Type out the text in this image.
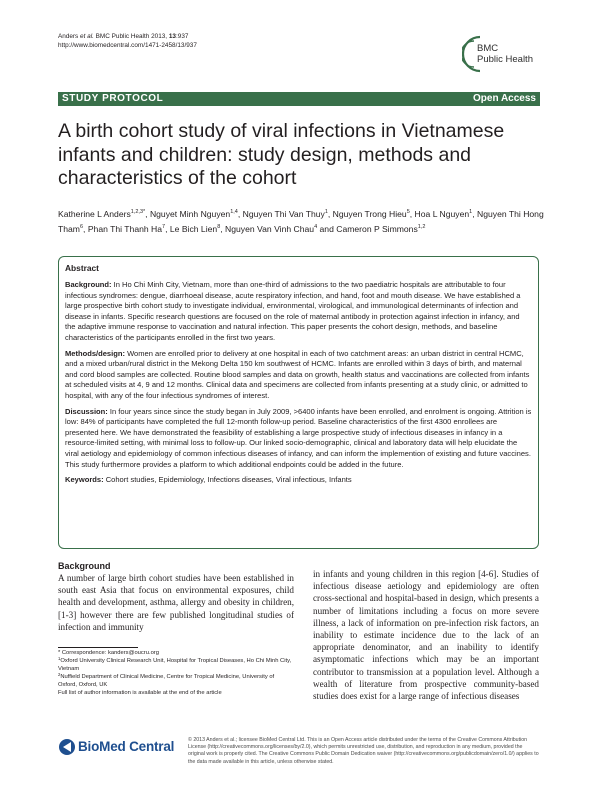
Anders et al. BMC Public Health 2013, 13:937
http://www.biomedcentral.com/1471-2458/13/937	BMC
Public Health
STUDY PROTOCOL	Open Access
A birth cohort study of viral infections in Vietnamese infants and children: study design, methods and characteristics of the cohort
Katherine L Anders$^{1,2,3*}$, Nguyet Minh Nguyen$^{1,4}$, Nguyen Thi Van Thuy$^1$, Nguyen Trong Hieu$^5$, Hoa L Nguyen$^1$, Nguyen Thi Hong Tham$^6$, Phan Thi Thanh Ha$^7$, Le Bich Lien$^8$, Nguyen Van Vinh Chau$^4$ and Cameron P Simmons$^{1,2}$
Abstract

Background: In Ho Chi Minh City, Vietnam, more than one-third of admissions to the two paediatric hospitals are attributable to four infectious syndromes: dengue, diarrhoeal disease, acute respiratory infection, and hand, foot and mouth disease. We have established a large prospective birth cohort study to investigate individual, environmental, virological, and immunological determinants of infection and disease in infants. Specific research questions are focused on the role of maternal antibody in protection against infection in infancy, and the adaptive immune response to vaccination and natural infection. This paper presents the cohort design, methods, and baseline characteristics of the participants enrolled in the first two years.

Methods/design: Women are enrolled prior to delivery at one hospital in each of two catchment areas: an urban district in central HCMC, and a mixed urban/rural district in the Mekong Delta 150 km southwest of HCMC. Infants are enrolled within 3 days of birth, and maternal and cord blood samples are collected. Routine blood samples and data on growth, health status and vaccinations are collected from infants at scheduled visits at 4, 9 and 12 months. Clinical data and specimens are collected from infants presenting at a study clinic, or admitted to hospital, with any of the four infectious syndromes of interest.

Discussion: In four years since since the study began in July 2009, >6400 infants have been enrolled, and enrolment is ongoing. Attrition is low: 84% of participants have completed the full 12-month follow-up period. Baseline characteristics of the first 4300 enrollees are presented here. We have demonstrated the feasibility of establishing a large prospective study of infectious diseases in infancy in a resource-limited setting, with minimal loss to follow-up. Our linked socio-demographic, clinical and laboratory data will help elucidate the viral aetiology and epidemiology of common infectious diseases of infancy, and can inform the implemention of existing and future vaccines. This study furthermore provides a platform to which additional endpoints could be added in the future.

Keywords: Cohort studies, Epidemiology, Infections diseases, Viral infectious, Infants

Background

A number of large birth cohort studies have been established in south east Asia that focus on environmental exposures, child health and development, asthma, allergy and obesity in children, [1-3] however there are few published longitudinal studies of infection and immunity

in infants and young children in this region [4-6]. Studies of infectious disease aetiology and epidemiology are often cross-sectional and hospital-based in design, which presents a number of limitations including a focus on more severe illness, a lack of information on pre-infection risk factors, an inability to estimate incidence due to the lack of an appropriate denominator, and an inability to identify asymptomatic infections which may be an important contributor to transmission at a population level. Although a wealth of literature from prospective community-based studies does exist for a large range of infectious diseases

* Correspondence: kanders@oucru.org
$^1$Oxford University Clinical Research Unit, Hospital for Tropical Diseases, Ho Chi Minh City, Vietnam
$^2$Nuffield Department of Clinical Medicine, Centre for Tropical Medicine, University of Oxford, Oxford, UK
Full list of author information is available at the end of the article
BioMed Central	© 2013 Anders et al.; licensee BioMed Central Ltd. This is an Open Access article distributed under the terms of the Creative Commons Attribution License (http://creativecommons.org/licenses/by/2.0), which permits unrestricted use, distribution, and reproduction in any medium, provided the original work is properly cited. The Creative Commons Public Domain Dedication waiver (http://creativecommons.org/publicdomain/zero/1.0/) applies to the data made available in this article, unless otherwise stated.
